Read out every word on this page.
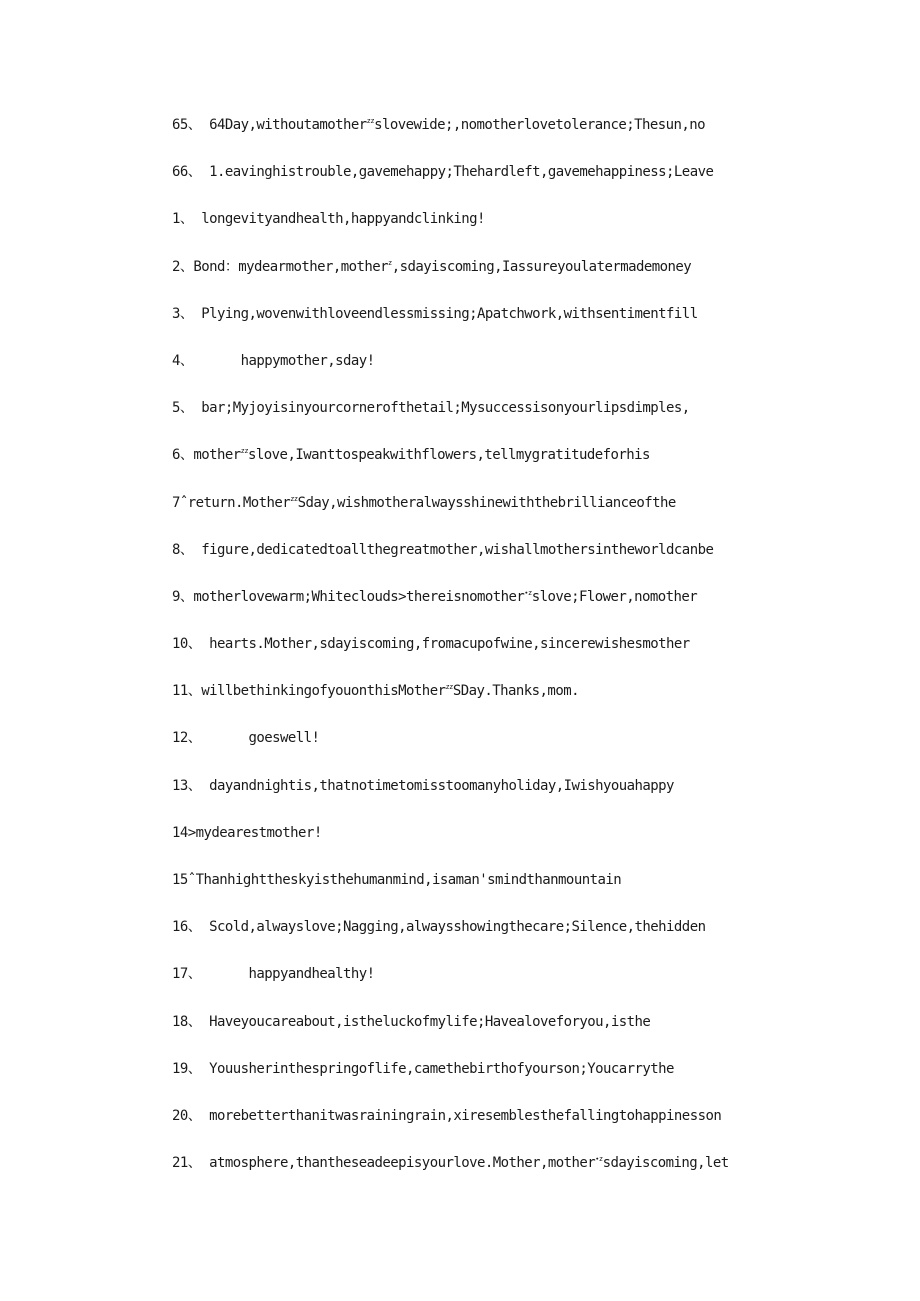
65、 64Day,withoutamother$^{zz}$slovewide;,nomotherlovetolerance;Thesun,no
66、 1.eavinghistrouble,gavemehappy;Thehardleft,gavemehappiness;Leave
1、 longevityandhealth,happyandclinking!
2、Bond：mydearmother,mother$^z$,sdayiscoming,Iassureyoulatermademoney
3、 Plying,wovenwithloveendlessmissing;Apatchwork,withsentimentfill
4、      happymother,sday!
5、 bar;Myjoyisinyourcornerofthetail;Mysuccessisonyourlipsdimples,
6、mother$^{zz}$slove,Iwanttospeakwithflowers,tellmygratitudeforhis
7ˆreturn.Mother$^{zz}$Sday,wishmotheralwaysshinewiththebrillianceofthe
8、 figure,dedicatedtoallthegreatmother,wishallmothersintheworldcanbe
9、motherlovewarm;Whiteclouds>thereisnomother$^{\cdot z}$slove;Flower,nomother
10、 hearts.Mother,sdayiscoming,fromacupofwine,sincerewishesmother
11、willbethinkingofyouonthisMother$^{zz}$SDay.Thanks,mom.
12、      goeswell!
13、 dayandnightis,thatnotimetomisstoomanyholiday,Iwishyouahappy
14>mydearestmother!
15ˆThanhighttheskyisthehumanmind,isaman'smindthanmountain
16、 Scold,alwayslove;Nagging,alwaysshowingthecare;Silence,thehidden
17、      happyandhealthy!
18、 Haveyoucareabout,istheluckofmylife;Havealoveforyou,isthe
19、 Youusherinthespringoflife,camethebirthofyourson;Youcarrythe
20、 morebetterthanitwasrainingrain,xiresemblesthefallingtohappinesson
21、 atmosphere,thantheseadeepisyourlove.Mother,mother$^{\cdot z}$sdayiscoming,let
